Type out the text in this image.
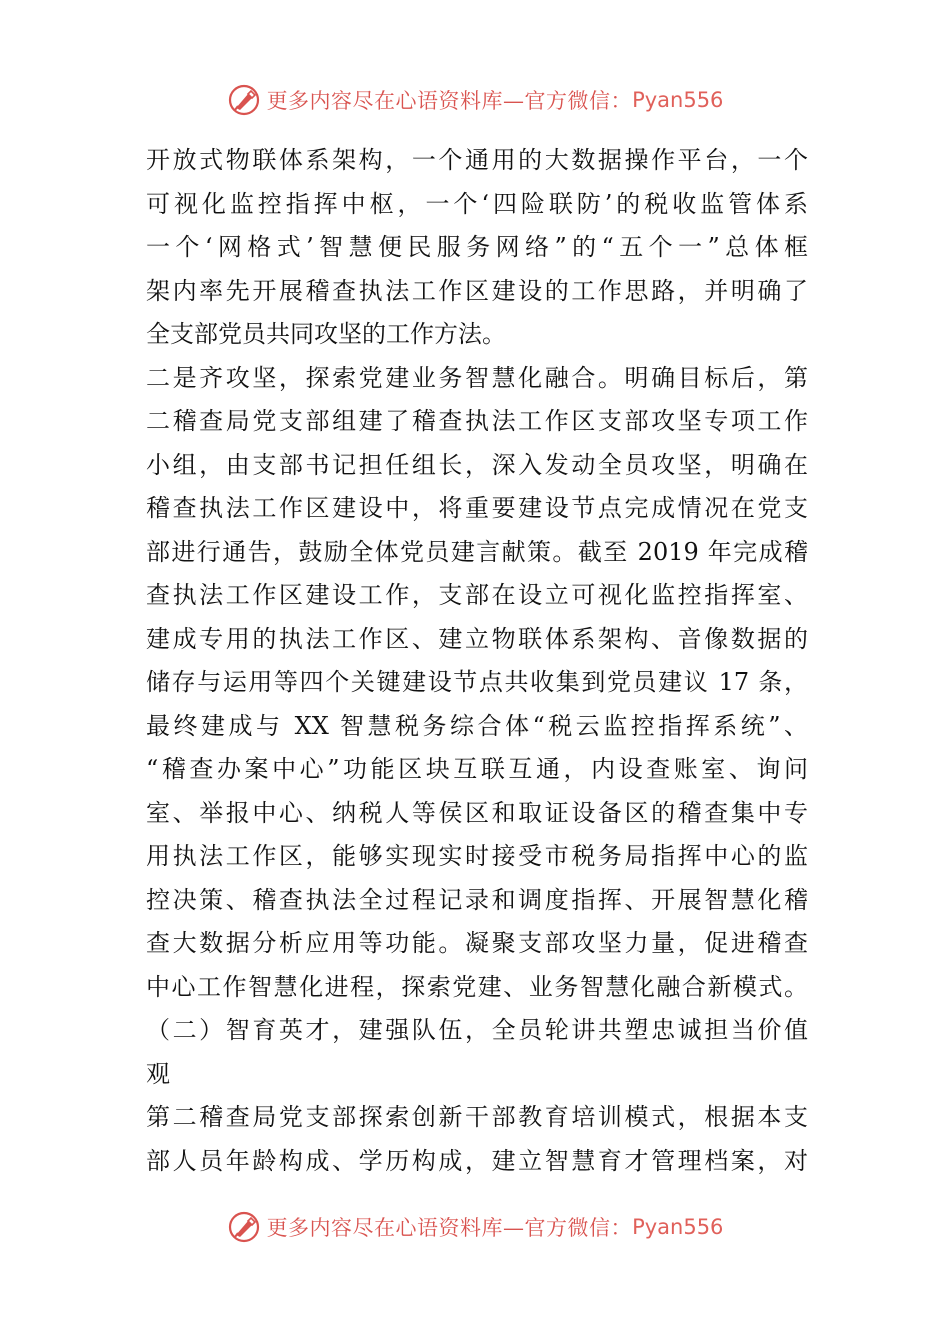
更多内容尽在心语资料库—官方微信： Pyan556
开放式物联体系架构，一个通用的大数据操作平台，一个
可视化监控指挥中枢，一个‘四险联防’的税收监管体系
一个‘网格式’智慧便民服务网络”的“五个一”总体框
架内率先开展稽查执法工作区建设的工作思路，并明确了
全支部党员共同攻坚的工作方法。
二是齐攻坚，探索党建业务智慧化融合。明确目标后，第
二稽查局党支部组建了稽查执法工作区支部攻坚专项工作
小组，由支部书记担任组长，深入发动全员攻坚，明确在
稽查执法工作区建设中，将重要建设节点完成情况在党支
部进行通告，鼓励全体党员建言献策。截至 2019 年完成稽
查执法工作区建设工作，支部在设立可视化监控指挥室、
建成专用的执法工作区、建立物联体系架构、音像数据的
储存与运用等四个关键建设节点共收集到党员建议 17 条，
最终建成与 XX 智慧税务综合体“税云监控指挥系统”、
“稽查办案中心”功能区块互联互通，内设查账室、询问
室、举报中心、纳税人等侯区和取证设备区的稽查集中专
用执法工作区，能够实现实时接受市税务局指挥中心的监
控决策、稽查执法全过程记录和调度指挥、开展智慧化稽
查大数据分析应用等功能。凝聚支部攻坚力量，促进稽查
中心工作智慧化进程，探索党建、业务智慧化融合新模式。
（二）智育英才，建强队伍，全员轮讲共塑忠诚担当价值
观
第二稽查局党支部探索创新干部教育培训模式，根据本支
部人员年龄构成、学历构成，建立智慧育才管理档案，对
更多内容尽在心语资料库—官方微信： Pyan556
